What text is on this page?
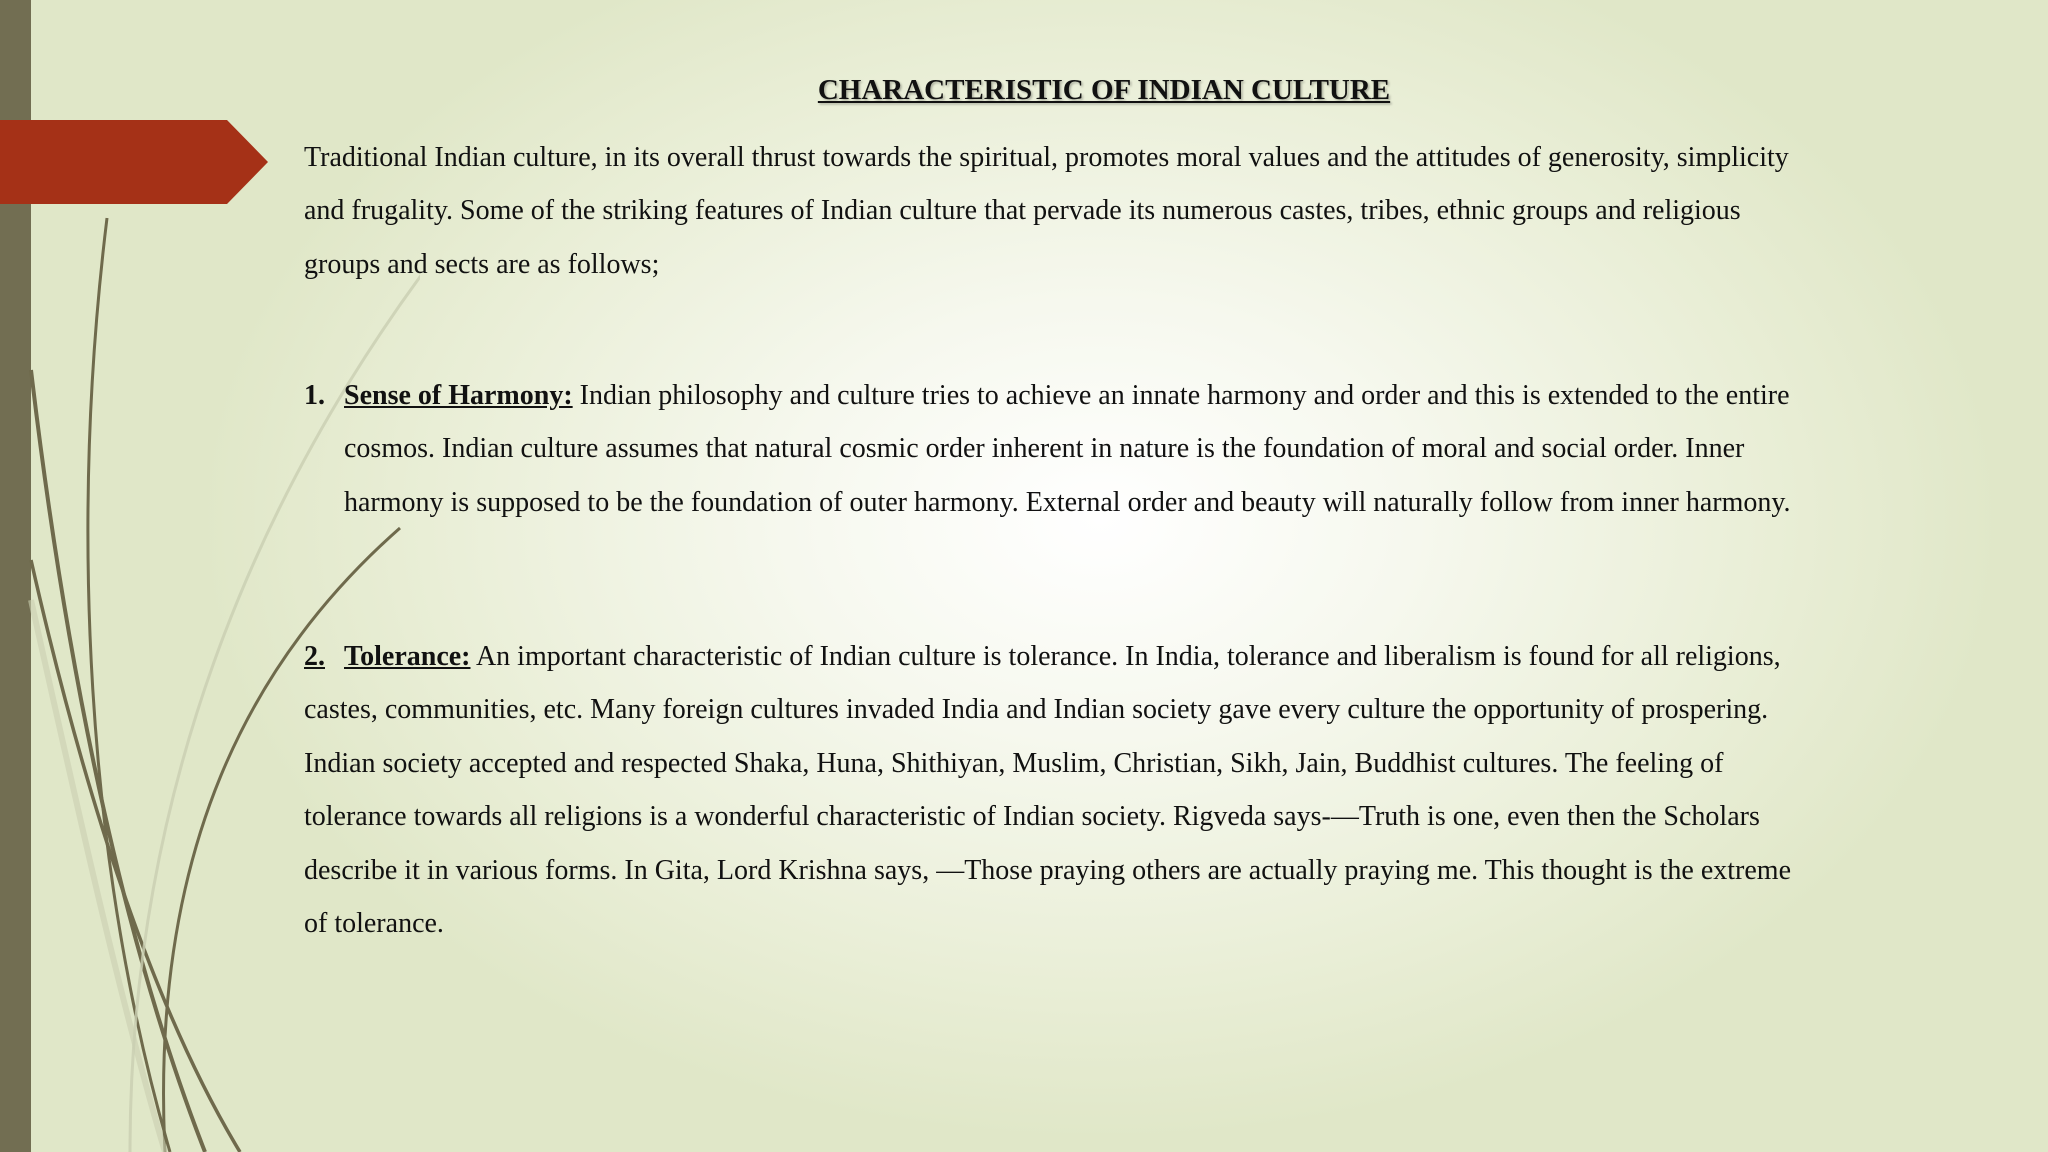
CHARACTERISTIC OF INDIAN CULTURE
Traditional Indian culture, in its overall thrust towards the spiritual, promotes moral values and the attitudes of generosity, simplicity
and frugality. Some of the striking features of Indian culture that pervade its numerous castes, tribes, ethnic groups and religious
groups and sects are as follows;
1. Sense of Harmony: Indian philosophy and culture tries to achieve an innate harmony and order and this is extended to the entire
cosmos. Indian culture assumes that natural cosmic order inherent in nature is the foundation of moral and social order. Inner
harmony is supposed to be the foundation of outer harmony. External order and beauty will naturally follow from inner harmony.
2. Tolerance: An important characteristic of Indian culture is tolerance. In India, tolerance and liberalism is found for all religions,
castes, communities, etc. Many foreign cultures invaded India and Indian society gave every culture the opportunity of prospering.
Indian society accepted and respected Shaka, Huna, Shithiyan, Muslim, Christian, Sikh, Jain, Buddhist cultures. The feeling of
tolerance towards all religions is a wonderful characteristic of Indian society. Rigveda says-―Truth is one, even then the Scholars
describe it in various forms. In Gita, Lord Krishna says, ―Those praying others are actually praying me. This thought is the extreme
of tolerance.
